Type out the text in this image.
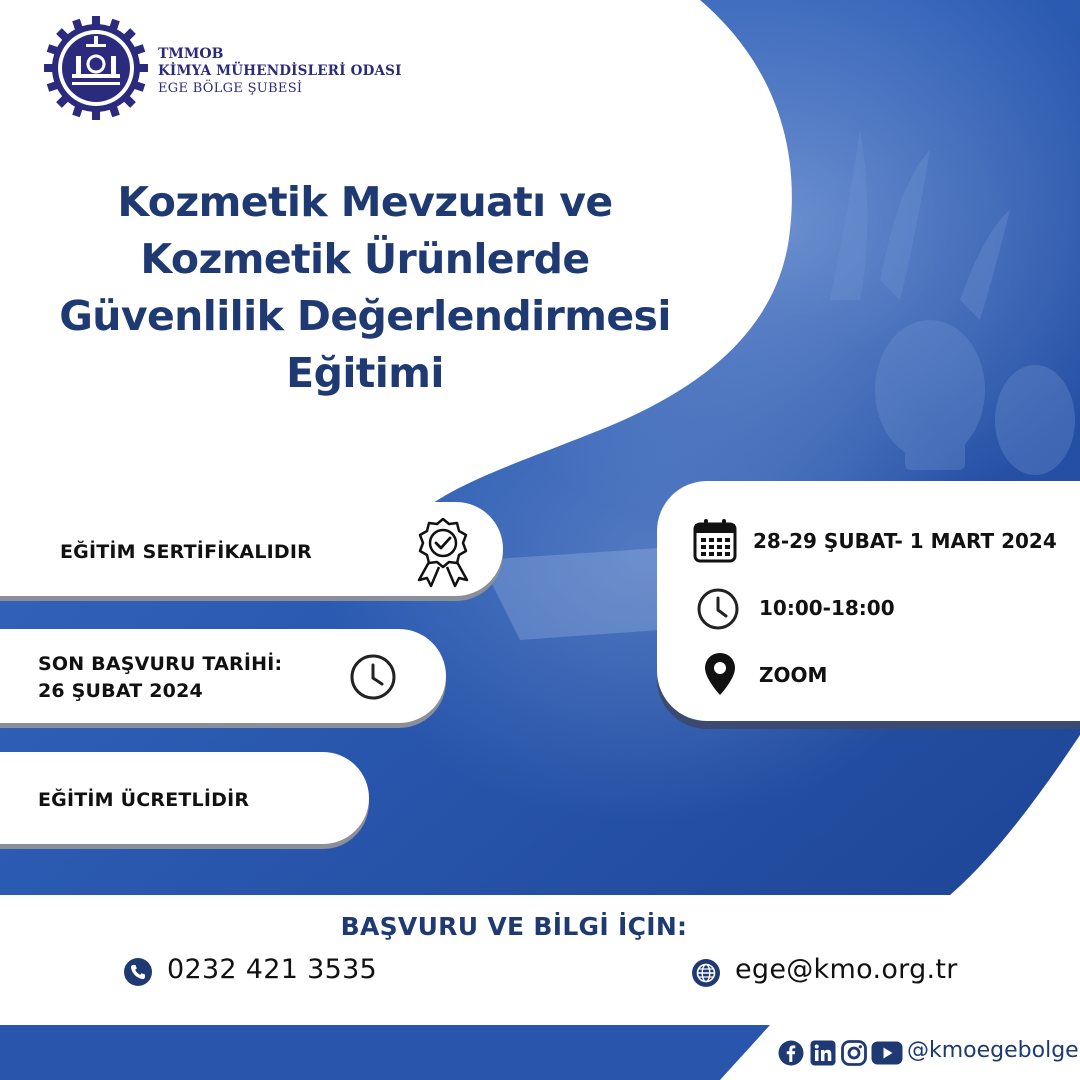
TMMOB
KİMYA MÜHENDİSLERİ ODASI
EGE BÖLGE ŞUBESİ
Kozmetik Mevzuatı ve
Kozmetik Ürünlerde
Güvenlilik Değerlendirmesi
Eğitimi
EĞİTİM SERTİFİKALIDIR
SON BAŞVURU TARİHİ:
26 ŞUBAT 2024
EĞİTİM ÜCRETLİDİR
28-29 ŞUBAT- 1 MART 2024
10:00-18:00
ZOOM
BAŞVURU VE BİLGİ İÇİN:
0232 421 3535	ege@kmo.org.tr
@kmoegebolge
